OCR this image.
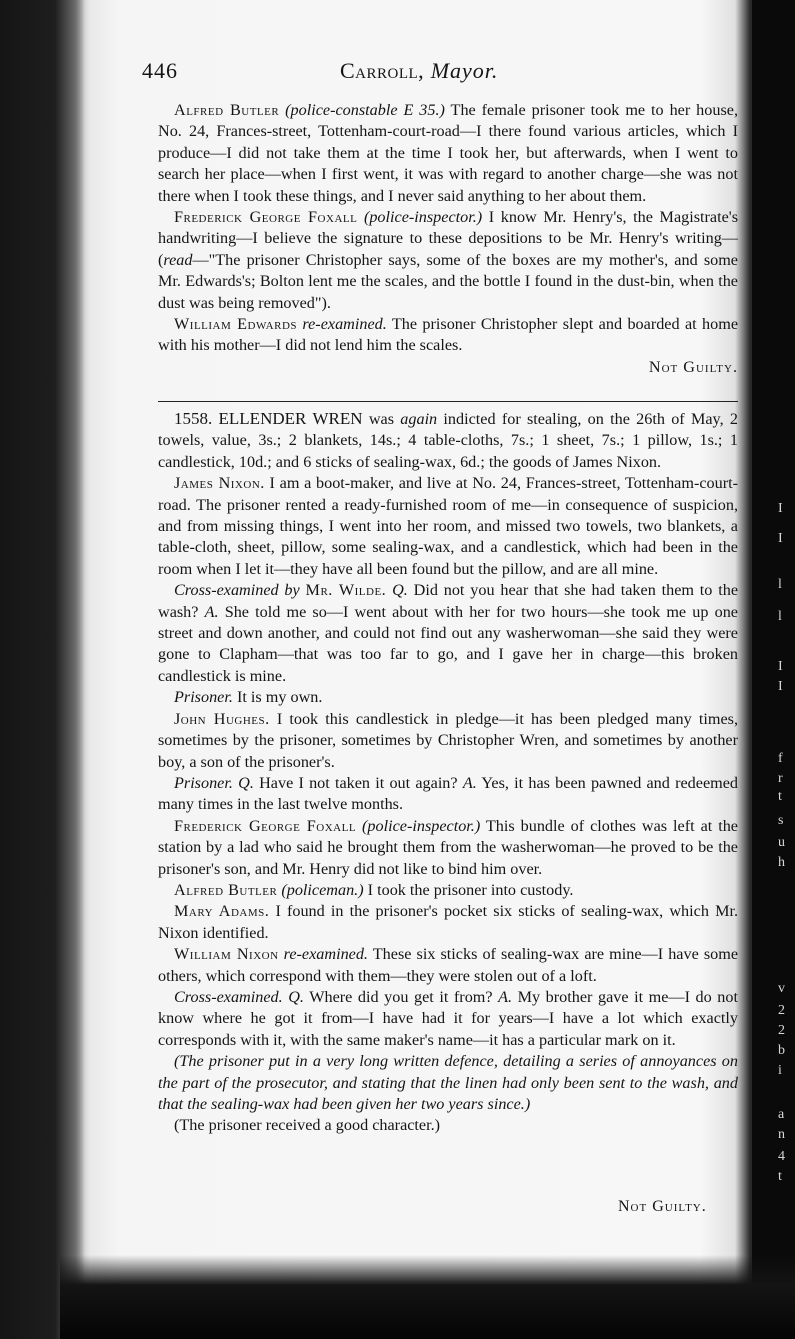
I
I
l
l
I
I
f
r
t
s
u
h
v
2
2
b
i
a
n
4
t
446	Carroll, Mayor.

Alfred Butler (police-constable E 35.) The female prisoner took me to her house, No. 24, Frances-street, Tottenham-court-road—I there found various articles, which I produce—I did not take them at the time I took her, but afterwards, when I went to search her place—when I first went, it was with regard to another charge—she was not there when I took these things, and I never said anything to her about them.

Frederick George Foxall (police-inspector.) I know Mr. Henry's, the Magistrate's handwriting—I believe the signature to these depositions to be Mr. Henry's writing—(read—"The prisoner Christopher says, some of the boxes are my mother's, and some Mr. Edwards's; Bolton lent me the scales, and the bottle I found in the dust-bin, when the dust was being removed").

William Edwards re-examined. The prisoner Christopher slept and boarded at home with his mother—I did not lend him the scales.

Not Guilty.

1558. ELLENDER WREN was again indicted for stealing, on the 26th of May, 2 towels, value, 3s.; 2 blankets, 14s.; 4 table-cloths, 7s.; 1 sheet, 7s.; 1 pillow, 1s.; 1 candlestick, 10d.; and 6 sticks of sealing-wax, 6d.; the goods of James Nixon.

James Nixon. I am a boot-maker, and live at No. 24, Frances-street, Tottenham-court-road. The prisoner rented a ready-furnished room of me—in consequence of suspicion, and from missing things, I went into her room, and missed two towels, two blankets, a table-cloth, sheet, pillow, some sealing-wax, and a candlestick, which had been in the room when I let it—they have all been found but the pillow, and are all mine.

Cross-examined by Mr. Wilde. Q. Did not you hear that she had taken them to the wash? A. She told me so—I went about with her for two hours—she took me up one street and down another, and could not find out any washerwoman—she said they were gone to Clapham—that was too far to go, and I gave her in charge—this broken candlestick is mine.

Prisoner. It is my own.

John Hughes. I took this candlestick in pledge—it has been pledged many times, sometimes by the prisoner, sometimes by Christopher Wren, and sometimes by another boy, a son of the prisoner's.

Prisoner. Q. Have I not taken it out again? A. Yes, it has been pawned and redeemed many times in the last twelve months.

Frederick George Foxall (police-inspector.) This bundle of clothes was left at the station by a lad who said he brought them from the washerwoman—he proved to be the prisoner's son, and Mr. Henry did not like to bind him over.

Alfred Butler (policeman.) I took the prisoner into custody.

Mary Adams. I found in the prisoner's pocket six sticks of sealing-wax, which Mr. Nixon identified.

William Nixon re-examined. These six sticks of sealing-wax are mine—I have some others, which correspond with them—they were stolen out of a loft.

Cross-examined. Q. Where did you get it from? A. My brother gave it me—I do not know where he got it from—I have had it for years—I have a lot which exactly corresponds with it, with the same maker's name—it has a particular mark on it.

(The prisoner put in a very long written defence, detailing a series of annoyances on the part of the prosecutor, and stating that the linen had only been sent to the wash, and that the sealing-wax had been given her two years since.)

(The prisoner received a good character.)

Not Guilty.
